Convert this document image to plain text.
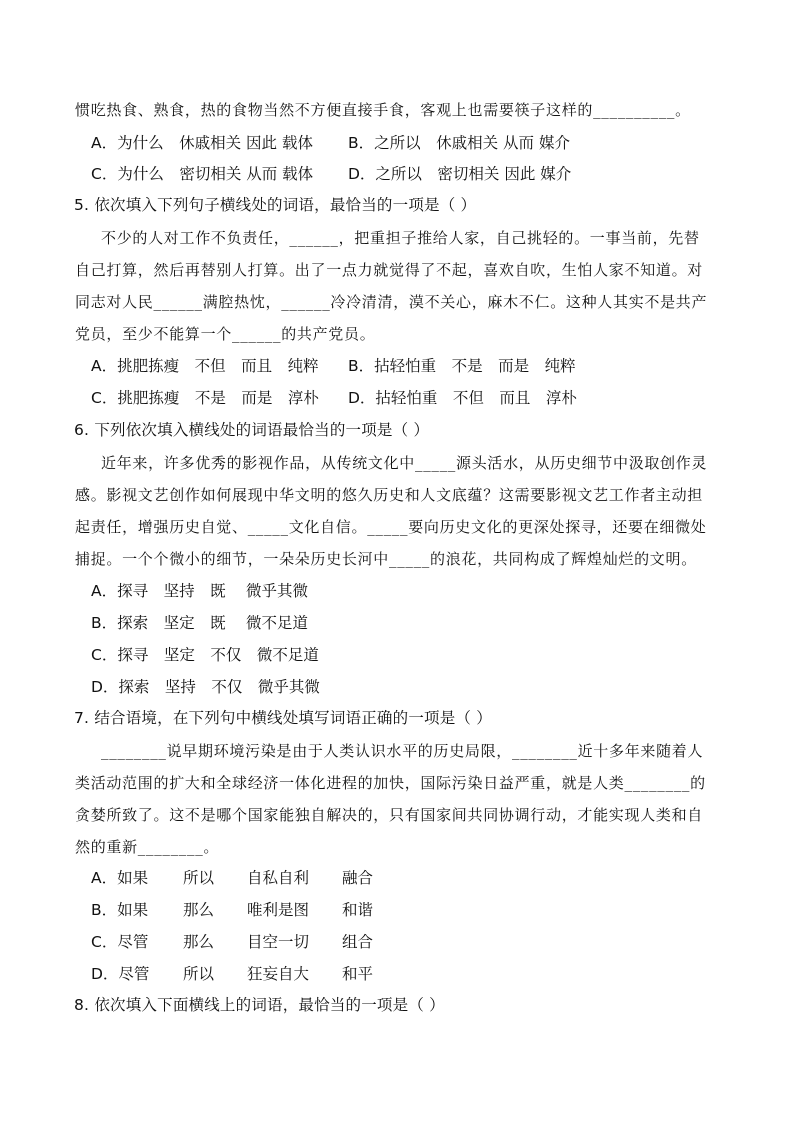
惯吃热食、熟食，热的食物当然不方便直接手食，客观上也需要筷子这样的__________。
A．为什么　休戚相关 因此 载体 B．之所以　休戚相关 从而 媒介
C．为什么　密切相关 从而 载体 D．之所以　密切相关 因此 媒介
5. 依次填入下列句子横线处的词语，最恰当的一项是（ ）
不少的人对工作不负责任，______，把重担子推给人家，自己挑轻的。一事当前，先替
自己打算，然后再替别人打算。出了一点力就觉得了不起，喜欢自吹，生怕人家不知道。对
同志对人民______满腔热忱，______冷冷清清，漠不关心，麻木不仁。这种人其实不是共产
党员，至少不能算一个______的共产党员。
A．挑肥拣瘦　不但　而且　纯粹 B．拈轻怕重　不是　而是　纯粹
C．挑肥拣瘦　不是　而是　淳朴 D．拈轻怕重　不但　而且　淳朴
6. 下列依次填入横线处的词语最恰当的一项是（ ）
近年来，许多优秀的影视作品，从传统文化中_____源头活水，从历史细节中汲取创作灵
感。影视文艺创作如何展现中华文明的悠久历史和人文底蕴？这需要影视文艺工作者主动担
起责任，增强历史自觉、_____文化自信。_____要向历史文化的更深处探寻，还要在细微处
捕捉。一个个微小的细节，一朵朵历史长河中_____的浪花，共同构成了辉煌灿烂的文明。
A．探寻　坚持　既　 微乎其微
B．探索　坚定　既　 微不足道
C．探寻　坚定　不仅　微不足道
D．探索　坚持　不仅　微乎其微
7. 结合语境，在下列句中横线处填写词语正确的一项是（ ）
________说早期环境污染是由于人类认识水平的历史局限，________近十多年来随着人
类活动范围的扩大和全球经济一体化进程的加快，国际污染日益严重，就是人类________的
贪婪所致了。这不是哪个国家能独自解决的，只有国家间共同协调行动，才能实现人类和自
然的重新________。
A．如果 所以 自私自利 融合
B．如果 那么 唯利是图 和谐
C．尽管 那么 目空一切 组合
D．尽管 所以 狂妄自大 和平
8. 依次填入下面横线上的词语，最恰当的一项是（ ）
